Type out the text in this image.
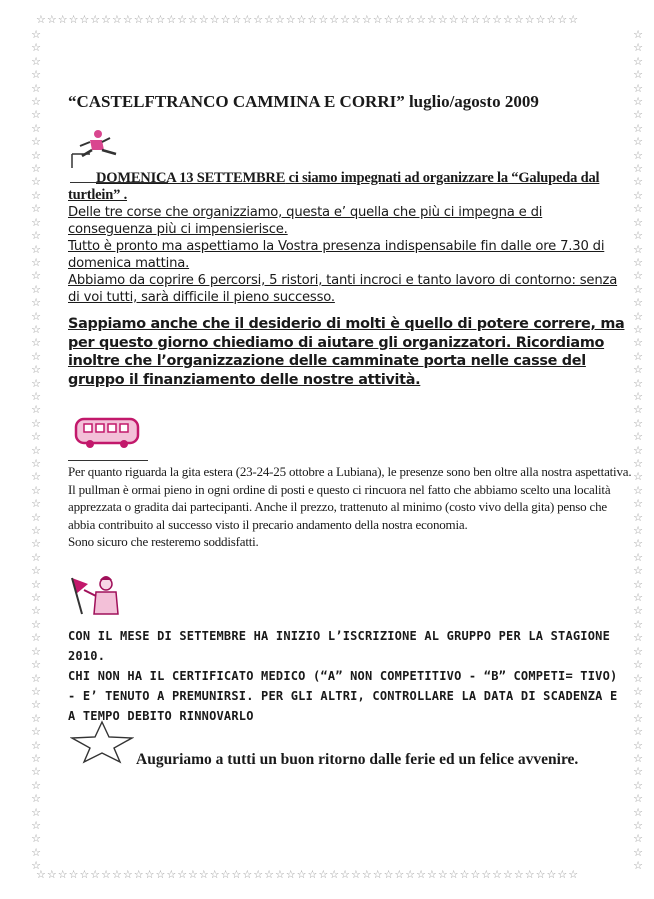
☆☆☆☆☆☆☆☆☆☆☆☆☆☆☆☆☆☆☆☆☆☆☆☆☆☆☆☆☆☆☆☆☆☆☆☆☆☆☆☆☆☆☆☆☆☆☆☆☆☆
☆☆☆☆☆☆☆☆☆☆☆☆☆☆☆☆☆☆☆☆☆☆☆☆☆☆☆☆☆☆☆☆☆☆☆☆☆☆☆☆☆☆☆☆☆☆☆☆☆☆
☆☆☆☆☆☆☆☆☆☆☆☆☆☆☆☆☆☆☆☆☆☆☆☆☆☆☆☆☆☆☆☆☆☆☆☆☆☆☆☆☆☆☆☆☆☆☆☆☆☆☆☆☆☆☆☆☆☆☆☆☆☆☆
☆☆☆☆☆☆☆☆☆☆☆☆☆☆☆☆☆☆☆☆☆☆☆☆☆☆☆☆☆☆☆☆☆☆☆☆☆☆☆☆☆☆☆☆☆☆☆☆☆☆☆☆☆☆☆☆☆☆☆☆☆☆☆
“CASTELFTRANCO CAMMINA E CORRI” luglio/agosto 2009
DOMENICA 13 SETTEMBRE ci siamo impegnati ad organizzare la “Galupeda dal turtlein” .
Delle tre corse che organizziamo, questa e’ quella che più ci impegna e di conseguenza più ci impensierisce.
Tutto è pronto ma aspettiamo la Vostra presenza indispensabile fin dalle ore 7.30 di domenica mattina.
Abbiamo da coprire 6 percorsi, 5 ristori, tanti incroci e tanto lavoro di contorno: senza di voi tutti, sarà difficile il pieno successo.
Sappiamo anche che il desiderio di molti è quello di potere correre, ma per questo giorno chiediamo di aiutare gli organizzatori. Ricordiamo inoltre che l’organizzazione delle camminate porta nelle casse del gruppo il finanziamento delle nostre attività.
Per quanto riguarda la gita estera (23-24-25 ottobre a Lubiana), le presenze sono ben oltre alla nostra aspettativa. Il pullman è ormai pieno in ogni ordine di posti e questo ci rincuora nel fatto che abbiamo scelto una località apprezzata o gradita dai partecipanti. Anche il prezzo, trattenuto al minimo (costo vivo della gita) penso che abbia contribuito al successo visto il precario andamento della nostra economia.
Sono sicuro che resteremo soddisfatti.
CON IL MESE DI SETTEMBRE HA INIZIO L’ISCRIZIONE AL GRUPPO PER LA STAGIONE 2010.
CHI NON HA IL CERTIFICATO MEDICO (“A” NON COMPETITIVO - “B” COMPETI= TIVO) - E’ TENUTO A PREMUNIRSI. PER GLI ALTRI, CONTROLLARE LA DATA DI SCADENZA E A TEMPO DEBITO RINNOVARLO
Auguriamo a tutti un buon ritorno dalle ferie ed un felice avvenire.
